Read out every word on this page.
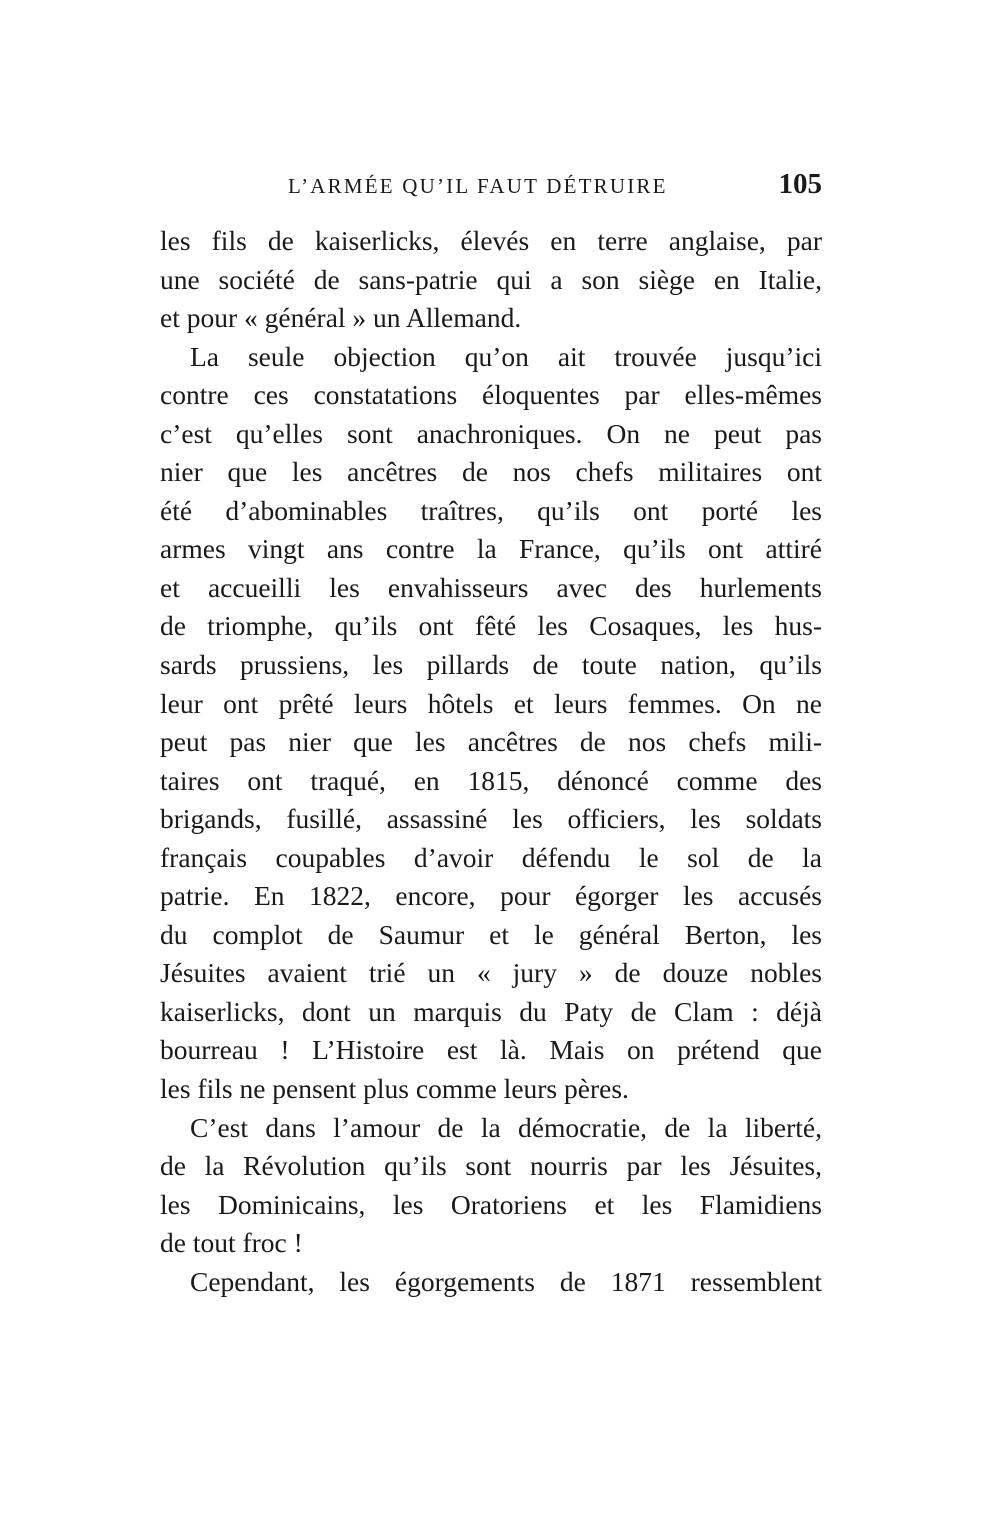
L’ARMÉE QU’IL FAUT DÉTRUIRE	105
les fils de kaiserlicks, élevés en terre anglaise, par
une société de sans-patrie qui a son siège en Italie,
et pour « général » un Allemand.
La seule objection qu’on ait trouvée jusqu’ici
contre ces constatations éloquentes par elles-mêmes
c’est qu’elles sont anachroniques. On ne peut pas
nier que les ancêtres de nos chefs militaires ont
été d’abominables traîtres, qu’ils ont porté les
armes vingt ans contre la France, qu’ils ont attiré
et accueilli les envahisseurs avec des hurlements
de triomphe, qu’ils ont fêté les Cosaques, les hus-
sards prussiens, les pillards de toute nation, qu’ils
leur ont prêté leurs hôtels et leurs femmes. On ne
peut pas nier que les ancêtres de nos chefs mili-
taires ont traqué, en 1815, dénoncé comme des
brigands, fusillé, assassiné les officiers, les soldats
français coupables d’avoir défendu le sol de la
patrie. En 1822, encore, pour égorger les accusés
du complot de Saumur et le général Berton, les
Jésuites avaient trié un « jury » de douze nobles
kaiserlicks, dont un marquis du Paty de Clam : déjà
bourreau ! L’Histoire est là. Mais on prétend que
les fils ne pensent plus comme leurs pères.
C’est dans l’amour de la démocratie, de la liberté,
de la Révolution qu’ils sont nourris par les Jésuites,
les Dominicains, les Oratoriens et les Flamidiens
de tout froc !
Cependant, les égorgements de 1871 ressemblent
